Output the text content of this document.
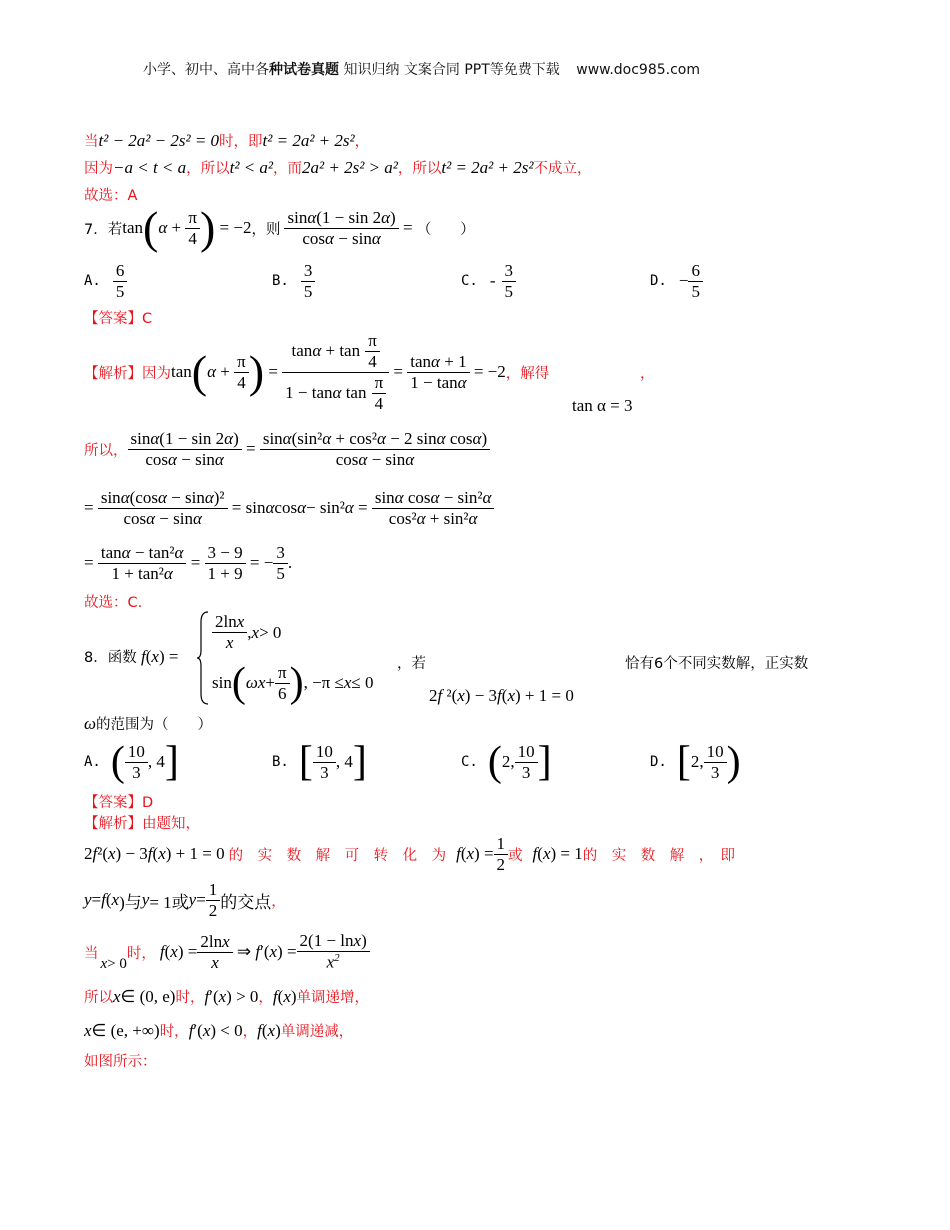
小学、初中、高中各种试卷真题 知识归纳 文案合同 PPT等免费下载 www.doc985.com
当t² − 2a² − 2s² = 0时，即t² = 2a² + 2s²，
因为−a < t < a，所以t² < a²，而2a² + 2s² > a²，所以t² = 2a² + 2s²不成立，
故选：A
7．若 tan ( $\alpha + \frac{\pi}{4}$ ) = −2 ，则 $\frac{\sin\alpha(1 - \sin 2\alpha)}{\cos\alpha - \sin\alpha}$ = （　　）
A. $\frac{6}{5}$	B. $\frac{3}{5}$	C. - $\frac{3}{5}$	D. − $\frac{6}{5}$
【答案】C
【解析】因为 tan ( $\alpha + \frac{\pi}{4}$ ) = $\frac{\tan\alpha + \tan \frac{\pi}{4}}{1 - \tan\alpha \tan \frac{\pi}{4}} = \frac{\tan\alpha + 1}{1 - \tan\alpha} = -2$ ，解得	，
tan α = 3
所以， $\frac{\sin\alpha(1 - \sin 2\alpha)}{\cos\alpha - \sin\alpha} = \frac{\text{sinα(sin²α + cos²α − 2 sinα cosα)}}{\cos\alpha - \sin\alpha}$
= $\frac{\text{sinα(cosα − sinα)²}}{\cos\alpha - \sin\alpha} = \sin \alpha$ cos α − sin² $\alpha = \frac{\text{sinα cosα − sin²α}}{\text{cos²α + sin²α}}$
= $\frac{\text{tanα − tan²α}}{\text{1 + tan²α}} = \frac{3 - 9}{1 + 9}$ = − $\frac{3}{5}$ .
故选：C.
8．函数 f ( x ) =
$\frac{2\ln x}{x}$ , x > 0
sin ( $\omega x + \frac{\pi}{6}$ ) , −π ≤ x ≤ 0
，若
2f ²(x) − 3f(x) + 1 = 0
恰有6个不同实数解，正实数
ω的范围为（　　）
A. ( $\frac{10}{3}$ , 4 ]	B. [ $\frac{10}{3}$ , 4 ]	C. ( 2, $\frac{10}{3}$ ]	D. [ 2, $\frac{10}{3}$ )
【答案】D
【解析】由题知，
2 f ²( x ) − 3 f ( x ) + 1 = 0 的　实　数　解　可　转　化　为 f ( x ) = $\frac{1}{2}$ 或 f ( x ) = 1 的　实　数　解　，　即
y = f ( x )与 y = 1或 $y = \frac{1}{2}$ 的交点 ，
当
x > 0
时， f ( x ) = $\frac{2\ln x}{x}$ ⇒ f ′( x ) = $\frac{2(1 - \ln x)}{x^2}$
所以 x ∈ (0, e) 时， f ′( x ) > 0 ， f ( x ) 单调递增，
x ∈ (e, +∞) 时， f ′( x ) < 0 ， f ( x ) 单调递减，
如图所示：
